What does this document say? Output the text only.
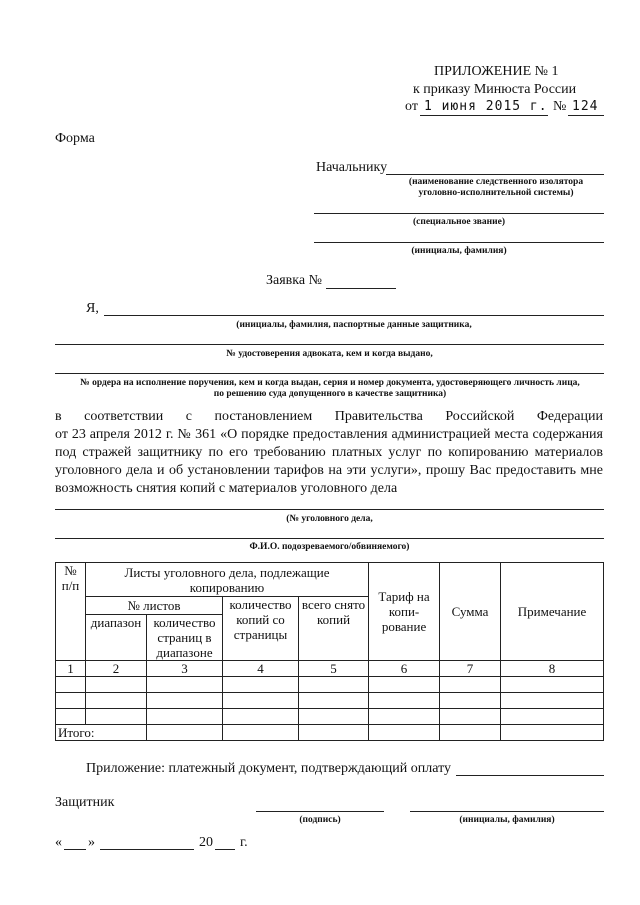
ПРИЛОЖЕНИЕ № 1
к приказу Минюста России
от 1 июня 2015 г. № 124
Форма
Начальнику
(наименование следственного изолятора уголовно-исполнительной системы)
(специальное звание)
(инициалы, фамилия)
Заявка №
Я,
(инициалы, фамилия, паспортные данные защитника,
№ удостоверения адвоката, кем и когда выдано,
№ ордера на исполнение поручения, кем и когда выдан, серия и номер документа, удостоверяющего личность лица, по решению суда допущенного в качестве защитника)
в соответствии с постановлением Правительства Российской Федерации
от 23 апреля 2012 г. № 361 «О порядке предоставления администрацией места содержания под стражей защитнику по его требованию платных услуг по копированию материалов уголовного дела и об установлении тарифов на эти услуги», прошу Вас предоставить мне возможность снятия копий с материалов уголовного дела
(№ уголовного дела,
Ф.И.О. подозреваемого/обвиняемого)
№ п/п	Листы уголовного дела, подлежащие копированию				Тариф на копи-рование	Сумма	Примечание
	№ листов		количество копий со страницы	всего снято копий			
	диапазон	количество страниц в диапазоне					
1	2	3	4	5	6	7	8

Итого:							
Приложение: платежный документ, подтверждающий оплату
Защитник
(подпись)	(инициалы, фамилия)
« »	20 г.
